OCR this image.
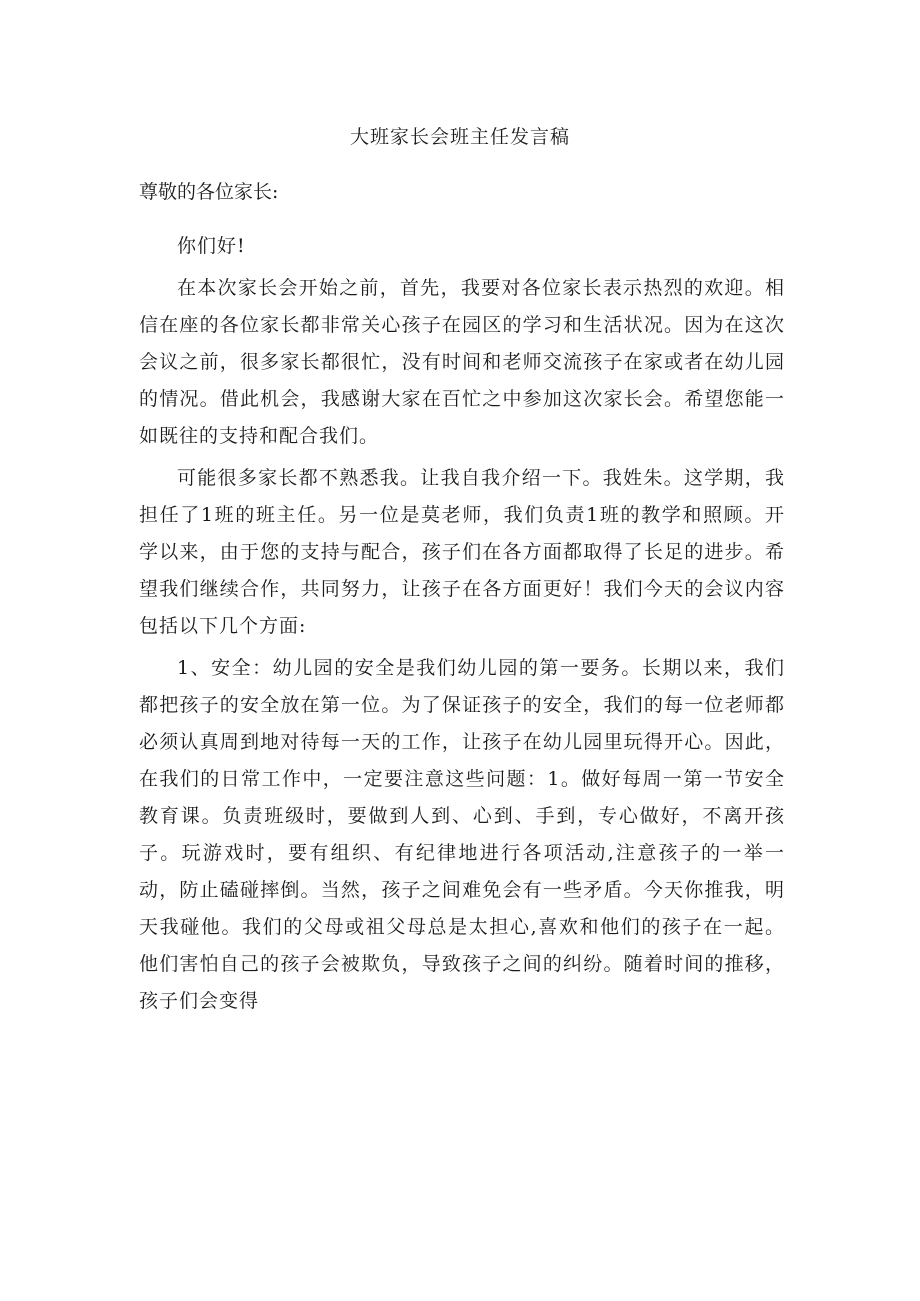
大班家长会班主任发言稿

尊敬的各位家长:

你们好!

在本次家长会开始之前，首先，我要对各位家长表示热烈的欢迎。相信在座的各位家长都非常关心孩子在园区的学习和生活状况。因为在这次会议之前，很多家长都很忙，没有时间和老师交流孩子在家或者在幼儿园的情况。借此机会，我感谢大家在百忙之中参加这次家长会。希望您能一如既往的支持和配合我们。

可能很多家长都不熟悉我。让我自我介绍一下。我姓朱。这学期，我担任了1班的班主任。另一位是莫老师，我们负责1班的教学和照顾。开学以来，由于您的支持与配合，孩子们在各方面都取得了长足的进步。希望我们继续合作，共同努力，让孩子在各方面更好！我们今天的会议内容包括以下几个方面:

1、安全：幼儿园的安全是我们幼儿园的第一要务。长期以来，我们都把孩子的安全放在第一位。为了保证孩子的安全，我们的每一位老师都必须认真周到地对待每一天的工作，让孩子在幼儿园里玩得开心。因此，在我们的日常工作中，一定要注意这些问题：1。做好每周一第一节安全教育课。负责班级时，要做到人到、心到、手到，专心做好，不离开孩子。玩游戏时，要有组织、有纪律地进行各项活动,注意孩子的一举一动，防止磕碰摔倒。当然，孩子之间难免会有一些矛盾。今天你推我，明天我碰他。我们的父母或祖父母总是太担心,喜欢和他们的孩子在一起。他们害怕自己的孩子会被欺负，导致孩子之间的纠纷。随着时间的推移，孩子们会变得
